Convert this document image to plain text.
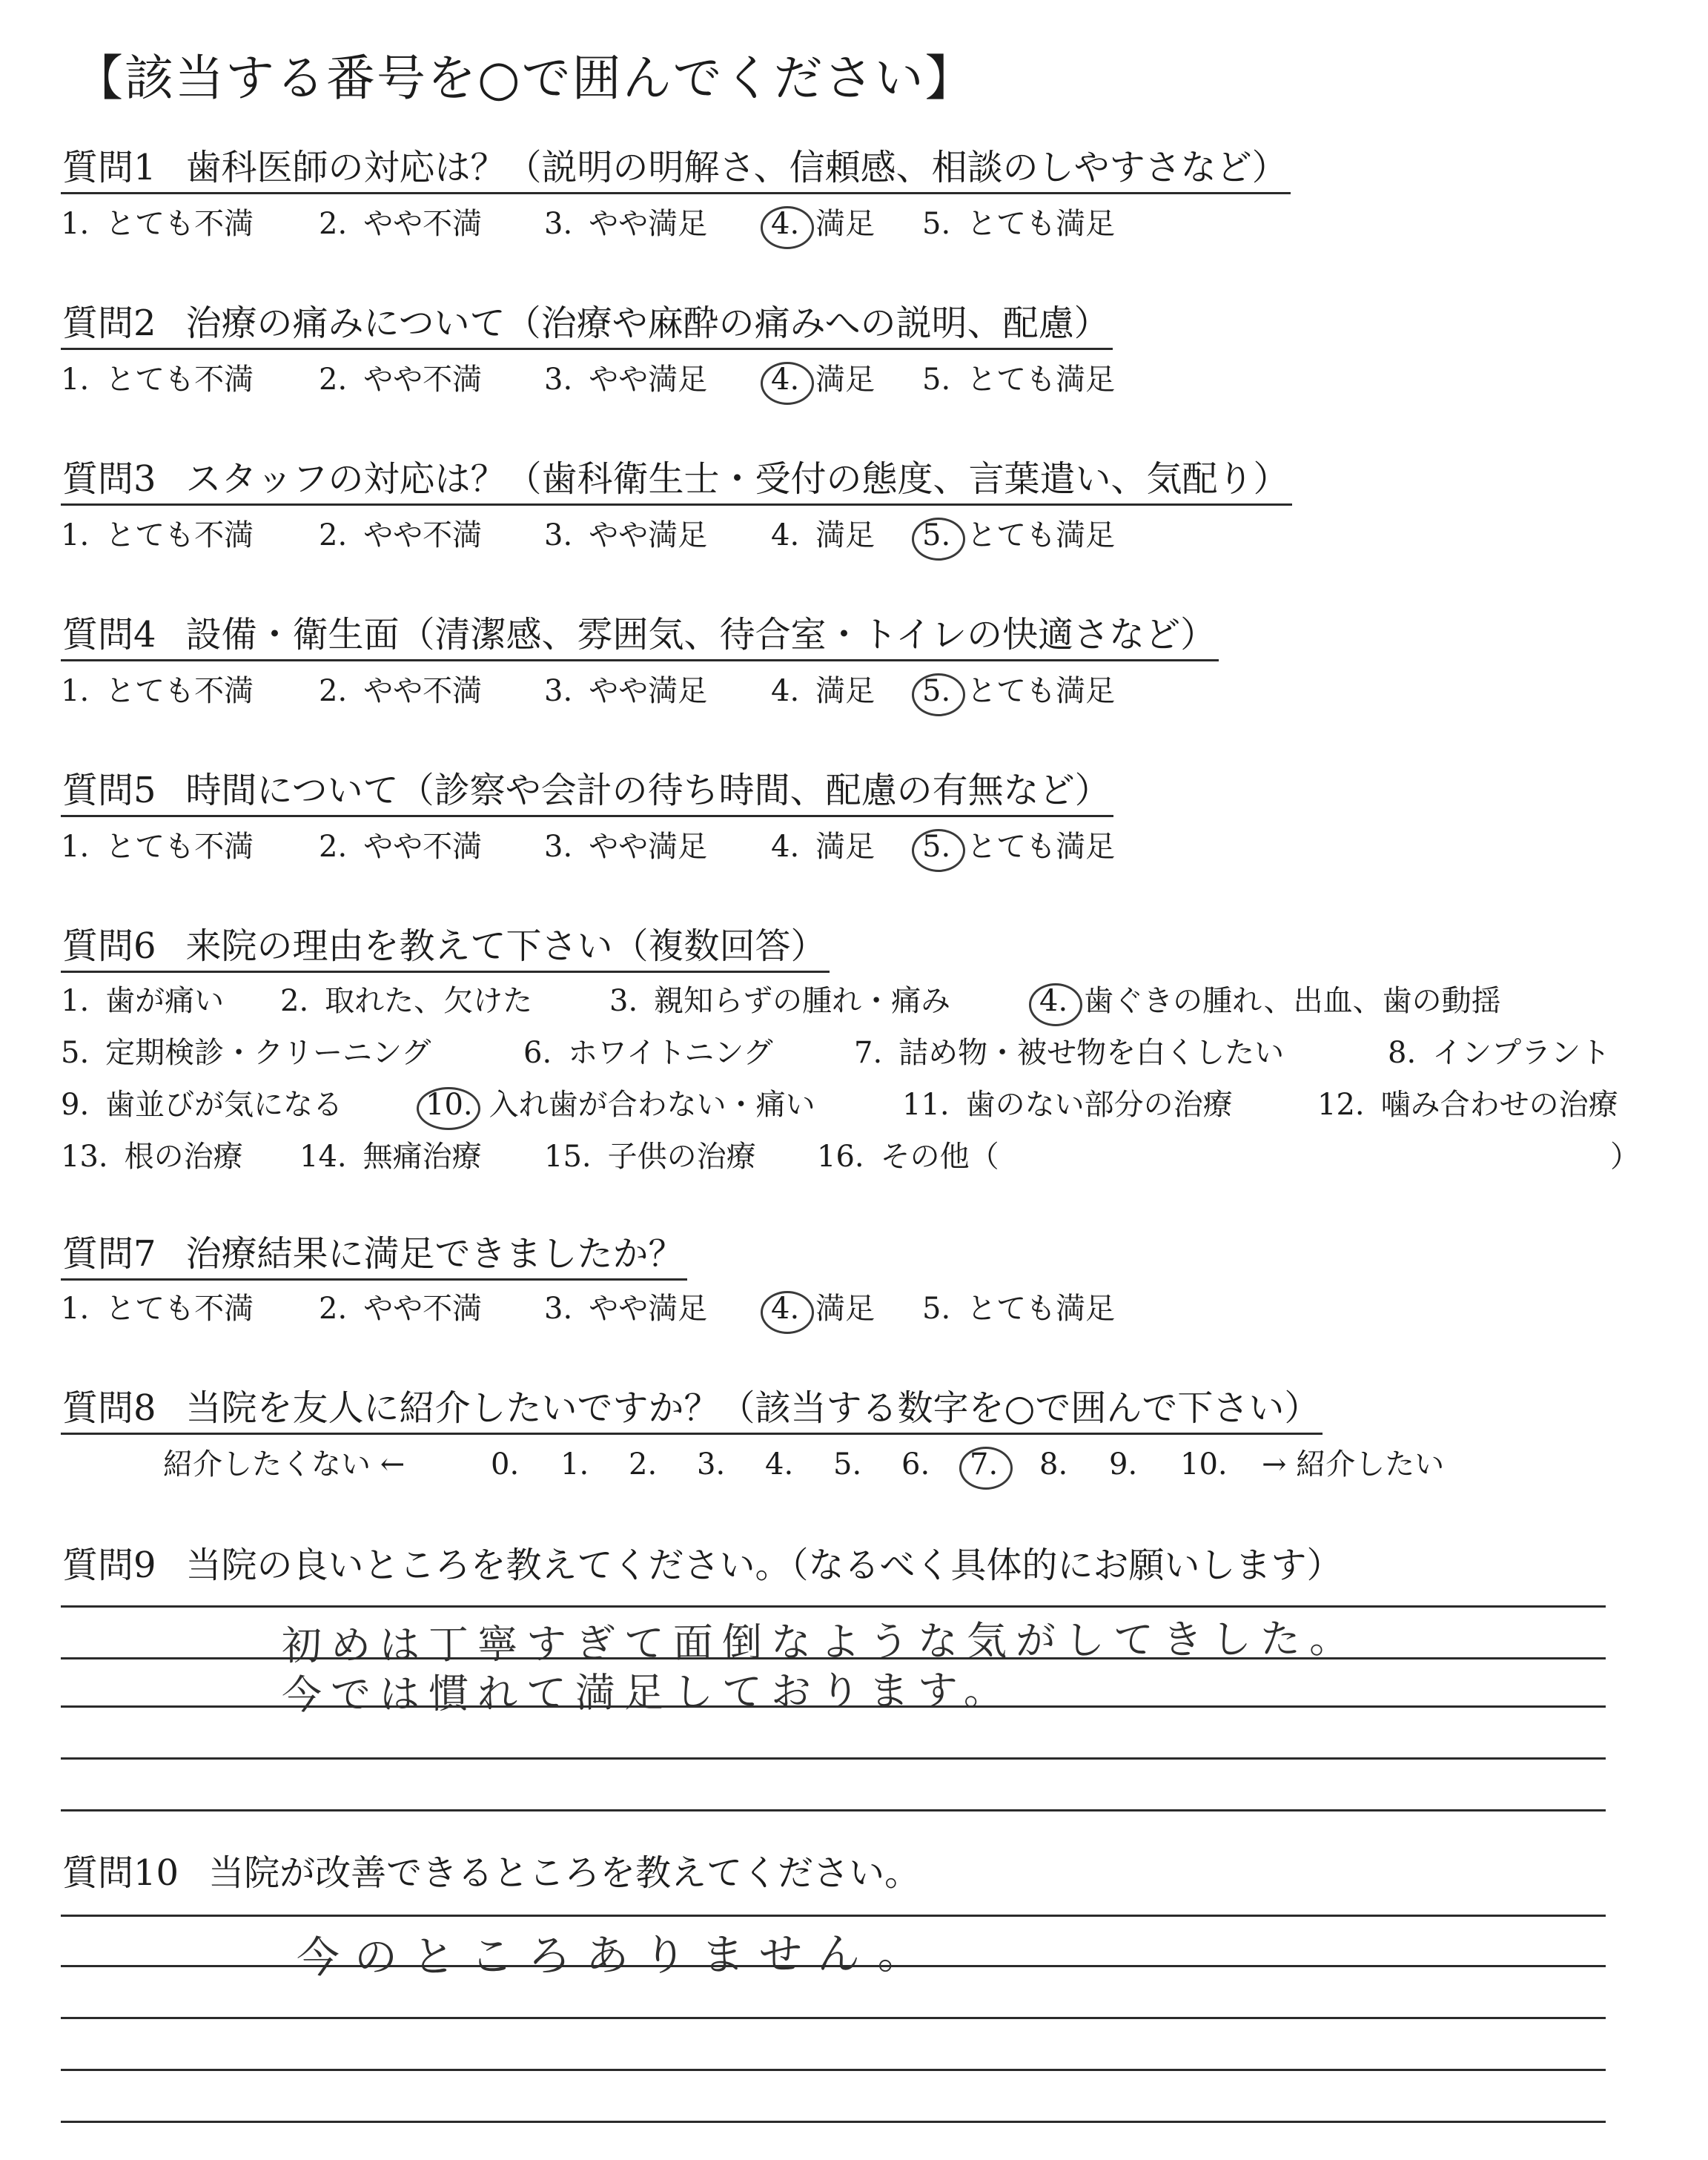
【該当する番号を○で囲んでください】
質問1 歯科医師の対応は？（説明の明解さ、信頼感、相談のしやすさなど）
1. とても不満 2. やや不満 3. やや満足 4. 満足 5. とても満足
質問2 治療の痛みについて（治療や麻酔の痛みへの説明、配慮）
1. とても不満 2. やや不満 3. やや満足 4. 満足 5. とても満足
質問3 スタッフの対応は？（歯科衛生士・受付の態度、言葉遣い、気配り）
1. とても不満 2. やや不満 3. やや満足 4. 満足 5. とても満足
質問4 設備・衛生面（清潔感、雰囲気、待合室・トイレの快適さなど）
1. とても不満 2. やや不満 3. やや満足 4. 満足 5. とても満足
質問5 時間について（診察や会計の待ち時間、配慮の有無など）
1. とても不満 2. やや不満 3. やや満足 4. 満足 5. とても満足
質問6 来院の理由を教えて下さい（複数回答）
1. 歯が痛い 2. 取れた、欠けた	3. 親知らずの腫れ・痛み	4. 歯ぐきの腫れ、出血、歯の動揺
5. 定期検診・クリーニング	6. ホワイトニング	7. 詰め物・被せ物を白くしたい	8. インプラント
9. 歯並びが気になる	10. 入れ歯が合わない・痛い	11. 歯のない部分の治療	12. 噛み合わせの治療
13. 根の治療 14. 無痛治療 15. 子供の治療 16. その他（	）
質問7 治療結果に満足できましたか？
1. とても不満 2. やや不満 3. やや満足 4. 満足 5. とても満足
質問8 当院を友人に紹介したいですか？（該当する数字を○で囲んで下さい）
紹介したくない ←	0.	1.	2.	3.	4.	5.	6.	7.	8.	9.	10.	→ 紹介したい
質問9 当院の良いところを教えてください。（なるべく具体的にお願いします）
初めは丁寧すぎて面倒なような気がしてきした。
今では慣れて満足しております。
質問10 当院が改善できるところを教えてください。
今のところありません。
